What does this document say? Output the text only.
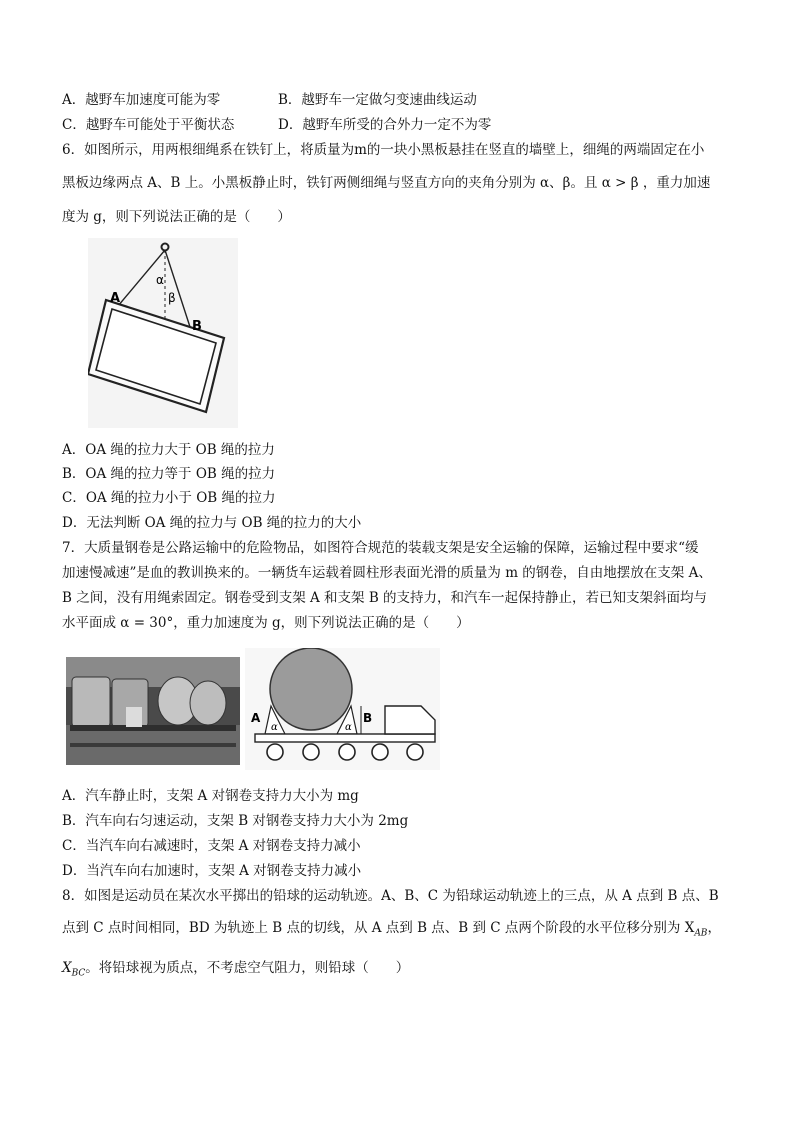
A．越野车加速度可能为零	B．越野车一定做匀变速曲线运动
C．越野车可能处于平衡状态	D．越野车所受的合外力一定不为零
6．如图所示，用两根细绳系在铁钉上，将质量为m的一块小黑板悬挂在竖直的墙壁上，细绳的两端固定在小
黑板边缘两点 A、B 上。小黑板静止时，铁钉两侧细绳与竖直方向的夹角分别为 α、β。且 α > β ，重力加速
度为 g，则下列说法正确的是（　　）
α
β
A
B
A．OA 绳的拉力大于 OB 绳的拉力
B．OA 绳的拉力等于 OB 绳的拉力
C．OA 绳的拉力小于 OB 绳的拉力
D．无法判断 OA 绳的拉力与 OB 绳的拉力的大小
7．大质量钢卷是公路运输中的危险物品，如图符合规范的装载支架是安全运输的保障，运输过程中要求“缓
加速慢减速”是血的教训换来的。一辆货车运载着圆柱形表面光滑的质量为 m 的钢卷，自由地摆放在支架 A、
B 之间，没有用绳索固定。钢卷受到支架 A 和支架 B 的支持力，和汽车一起保持静止，若已知支架斜面均与
水平面成 α = 30°，重力加速度为 g，则下列说法正确的是（　　）
A	B
α	α
A．汽车静止时，支架 A 对钢卷支持力大小为 mg
B．汽车向右匀速运动，支架 B 对钢卷支持力大小为 2mg
C．当汽车向右减速时，支架 A 对钢卷支持力减小
D．当汽车向右加速时，支架 A 对钢卷支持力减小
8．如图是运动员在某次水平掷出的铅球的运动轨迹。A、B、C 为铅球运动轨迹上的三点，从 A 点到 B 点、B
点到 C 点时间相同，BD 为轨迹上 B 点的切线，从 A 点到 B 点、B 到 C 点两个阶段的水平位移分别为 $X_{AB}$，
$X_{BC}$。将铅球视为质点，不考虑空气阻力，则铅球（　　）
